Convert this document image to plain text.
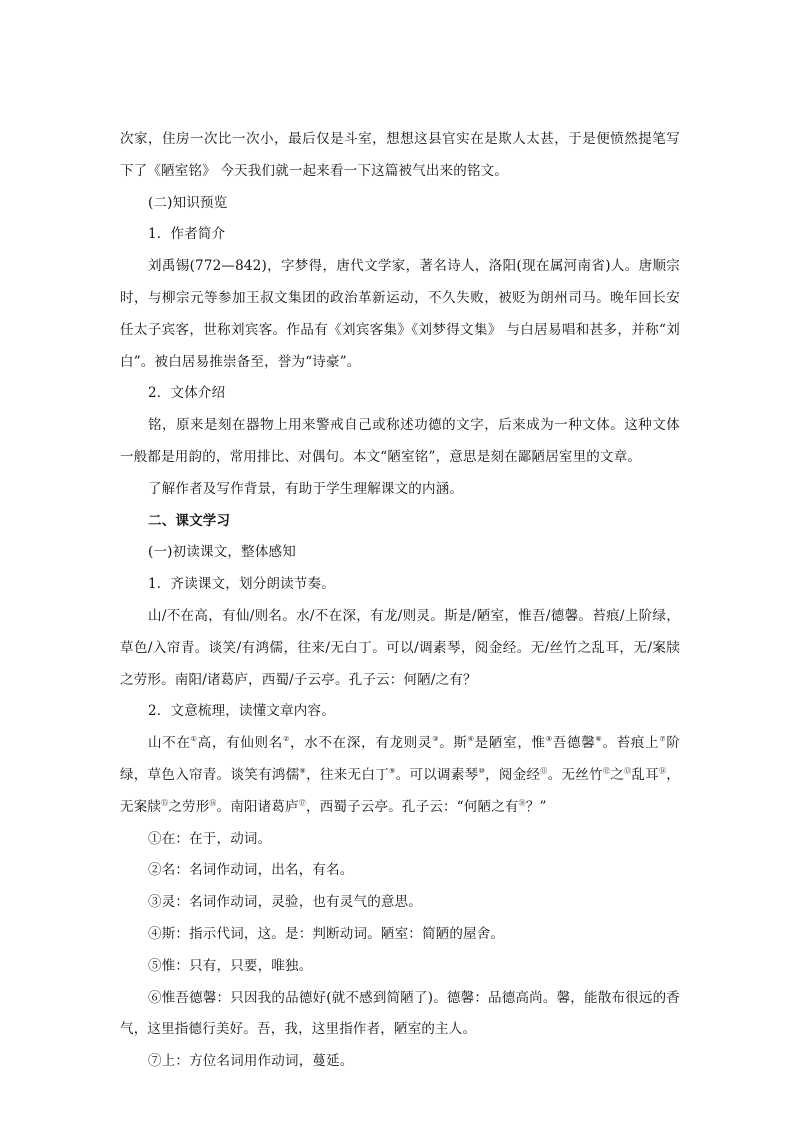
次家，住房一次比一次小，最后仅是斗室，想想这县官实在是欺人太甚，于是便愤然提笔写下了《陋室铭》 今天我们就一起来看一下这篇被气出来的铭文。

(二)知识预览

1．作者简介

刘禹锡(772—842)，字梦得，唐代文学家，著名诗人，洛阳(现在属河南省)人。唐顺宗时，与柳宗元等参加王叔文集团的政治革新运动，不久失败，被贬为朗州司马。晚年回长安任太子宾客，世称刘宾客。作品有《刘宾客集》《刘梦得文集》 与白居易唱和甚多，并称“刘白”。被白居易推崇备至，誉为“诗豪”。

2．文体介绍

铭，原来是刻在器物上用来警戒自己或称述功德的文字，后来成为一种文体。这种文体一般都是用韵的，常用排比、对偶句。本文“陋室铭”，意思是刻在鄙陋居室里的文章。

了解作者及写作背景，有助于学生理解课文的内涵。

二、课文学习

(一)初读课文，整体感知

1．齐读课文，划分朗读节奏。

山/不在高，有仙/则名。水/不在深，有龙/则灵。斯是/陋室，惟吾/德馨。苔痕/上阶绿，草色/入帘青。谈笑/有鸿儒，往来/无白丁。可以/调素琴，阅金经。无/丝竹之乱耳，无/案牍之劳形。南阳/诸葛庐，西蜀/子云亭。孔子云：何陋/之有？

2．文意梳理，读懂文章内容。

山不在①高，有仙则名②，水不在深，有龙则灵③。斯④是陋室，惟⑤吾德馨⑥。苔痕上⑦阶绿，草色入帘青。谈笑有鸿儒⑧，往来无白丁⑨。可以调素琴⑩，阅金经⑪。无丝竹⑫之⑬乱耳⑭，无案牍⑮之劳形⑯。南阳诸葛庐⑰，西蜀子云亭。孔子云：“何陋之有⑱？”

①在：在于，动词。

②名：名词作动词，出名，有名。

③灵：名词作动词，灵验，也有灵气的意思。

④斯：指示代词，这。是：判断动词。陋室：简陋的屋舍。

⑤惟：只有，只要，唯独。

⑥惟吾德馨：只因我的品德好(就不感到简陋了)。德馨：品德高尚。馨，能散布很远的香气，这里指德行美好。吾，我，这里指作者，陋室的主人。

⑦上：方位名词用作动词，蔓延。
